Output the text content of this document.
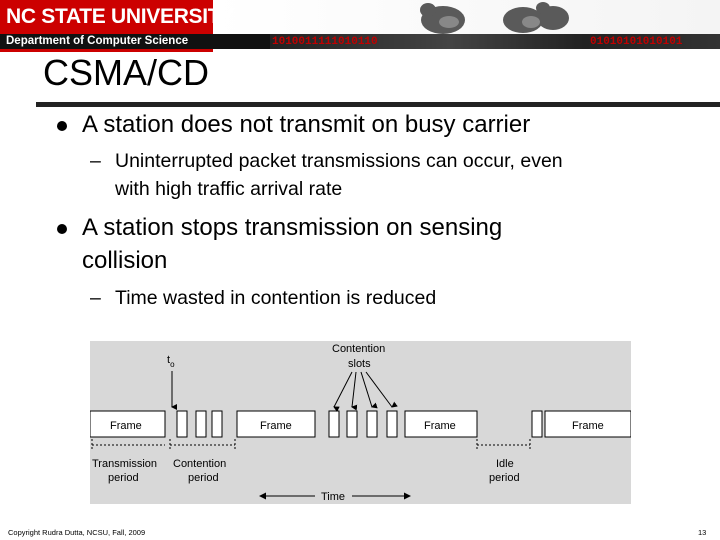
NC STATE UNIVERSITY
Department of Computer Science	1010011111010110	01010101010101
CSMA/CD
A station does not transmit on busy carrier
– Uninterrupted packet transmissions can occur, even
with high traffic arrival rate
A station stops transmission on sensing
collision
– Time wasted in contention is reduced
Frame	Frame	Frame	Frame
$t_o$
Contention
slots
Transmission
period
Contention
period
Idle
period
Time
Copyright Rudra Dutta, NCSU, Fall, 2009	13
